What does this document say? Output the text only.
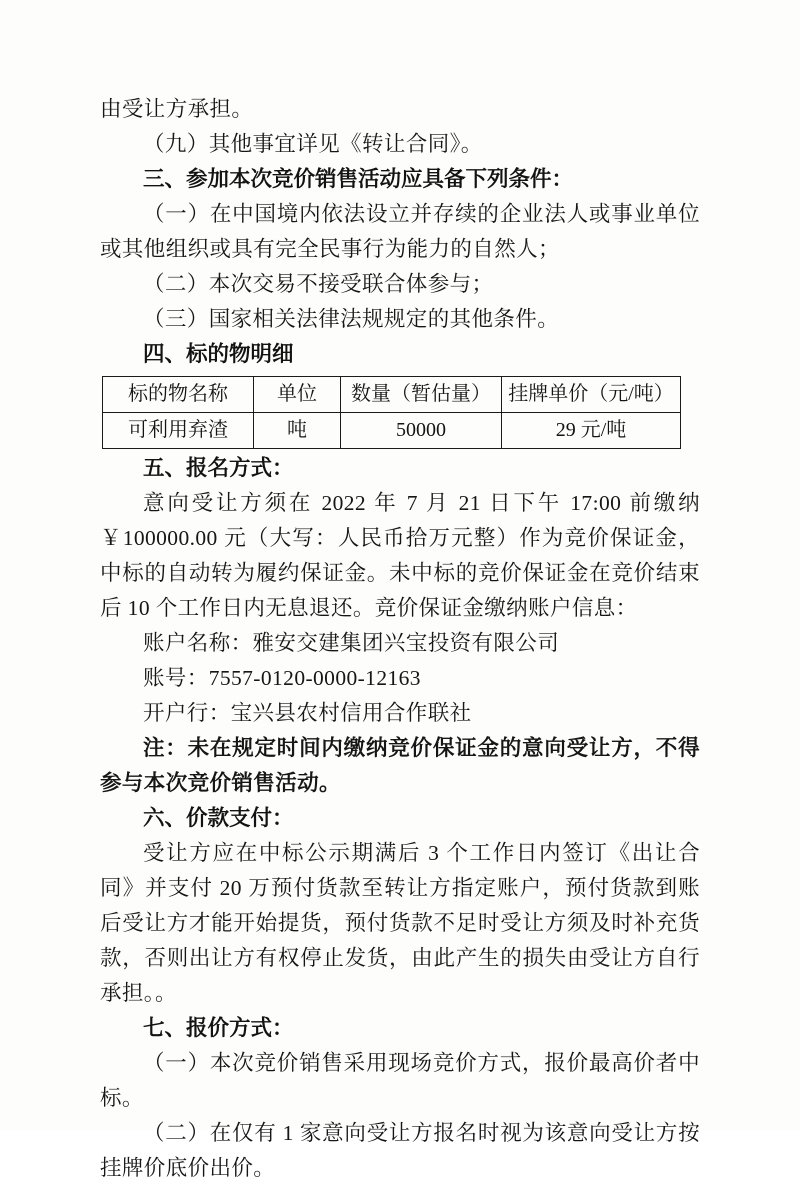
由受让方承担。

（九）其他事宜详见《转让合同》。

三、参加本次竞价销售活动应具备下列条件：

（一）在中国境内依法设立并存续的企业法人或事业单位或其他组织或具有完全民事行为能力的自然人；

（二）本次交易不接受联合体参与；

（三）国家相关法律法规规定的其他条件。

四、标的物明细

标的物名称	单位	数量（暂估量）	挂牌单价（元/吨）
可利用弃渣	吨	50000	29 元/吨

五、报名方式：

意向受让方须在 2022 年 7 月 21 日下午 17:00 前缴纳￥100000.00 元（大写：人民币拾万元整）作为竞价保证金，中标的自动转为履约保证金。未中标的竞价保证金在竞价结束后 10 个工作日内无息退还。竞价保证金缴纳账户信息：

账户名称：雅安交建集团兴宝投资有限公司

账号：7557-0120-0000-12163

开户行：宝兴县农村信用合作联社

注：未在规定时间内缴纳竞价保证金的意向受让方，不得参与本次竞价销售活动。

六、价款支付：

受让方应在中标公示期满后 3 个工作日内签订《出让合同》并支付 20 万预付货款至转让方指定账户，预付货款到账后受让方才能开始提货，预付货款不足时受让方须及时补充货款，否则出让方有权停止发货，由此产生的损失由受让方自行承担。。

七、报价方式：

（一）本次竞价销售采用现场竞价方式，报价最高价者中标。

（二）在仅有 1 家意向受让方报名时视为该意向受让方按挂牌价底价出价。
